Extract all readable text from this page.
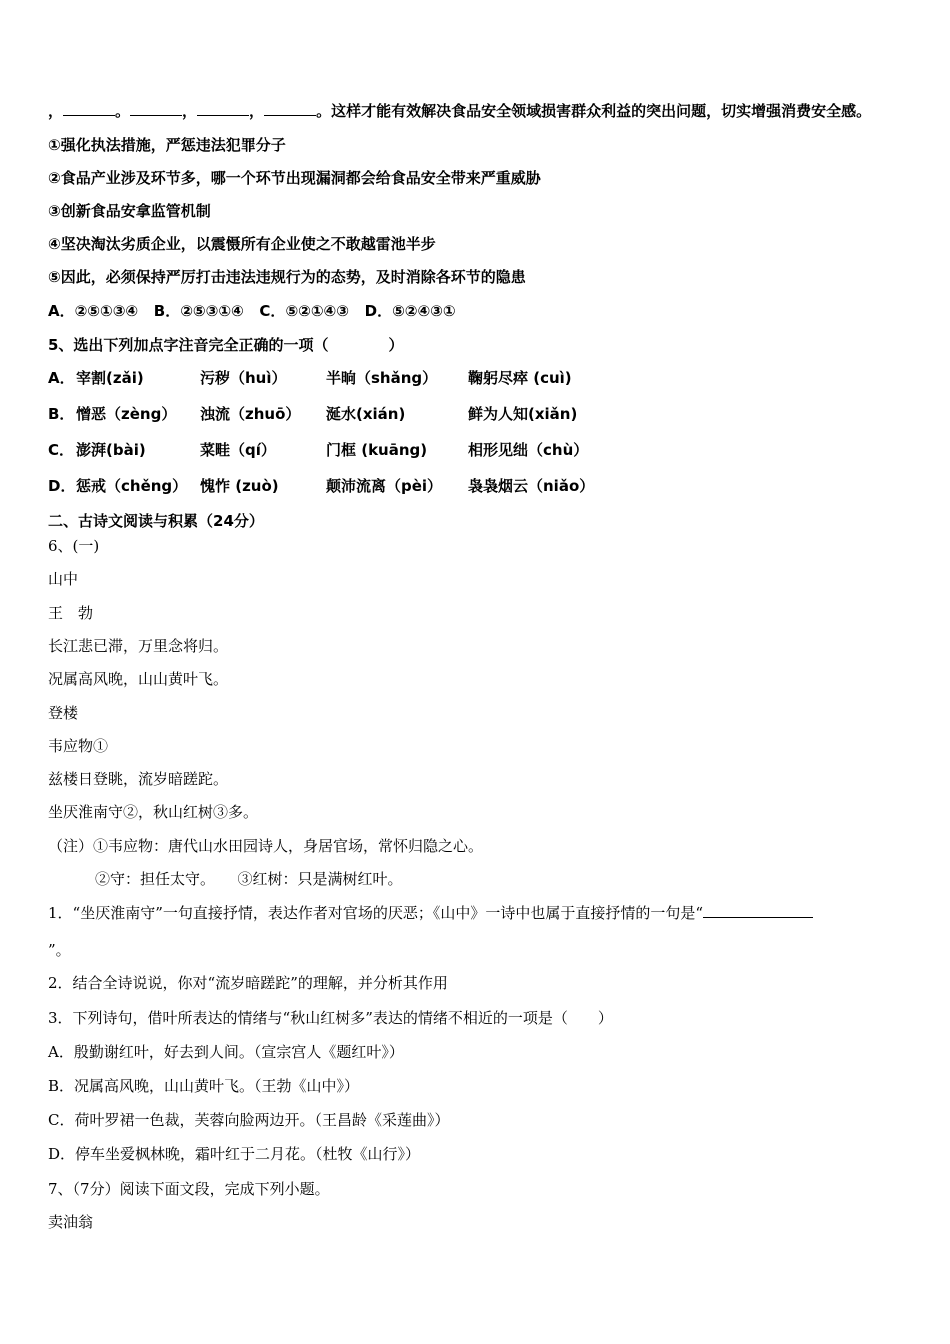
，	。	，	，	。这样才能有效解决食品安全领域损害群众利益的突出问题，切实增强消费安全感。
①强化执法措施，严惩违法犯罪分子
②食品产业涉及环节多，哪一个环节出现漏洞都会给食品安全带来严重威胁
③创新食品安拿监管机制
④坚决淘汰劣质企业，以震慑所有企业使之不敢越雷池半步
⑤因此，必须保持严厉打击违法违规行为的态势，及时消除各环节的隐患
A．②⑤①③④ B．②⑤③①④ C．⑤②①④③ D．⑤②④③①
5、选出下列加点字注音完全正确的一项（　　　　）
A． 宰割(zǎi)	污秽（huì）	半晌（shǎng） 鞠躬尽瘁 (cuì)
B． 憎恶（zèng） 浊流（zhuō） 涎水(xián)	鲜为人知(xiǎn)
C． 澎湃(bài)	菜畦（qí）	门框 (kuāng)	相形见绌（chù）
D． 惩戒（chěng） 愧怍 (zuò)	颠沛流离（pèi） 袅袅烟云（niǎo）
二、古诗文阅读与积累（24分）
6、(一)
山中
王　勃
长江悲已滞，万里念将归。
况属高风晚，山山黄叶飞。
登楼
韦应物①
兹楼日登眺，流岁暗蹉跎。
坐厌淮南守②，秋山红树③多。
（注）①韦应物：唐代山水田园诗人，身居官场，常怀归隐之心。
②守：担任太守。　　③红树：只是满树红叶。
1．“坐厌淮南守”一句直接抒情，表达作者对官场的厌恶；《山中》一诗中也属于直接抒情的一句是“
”。
2．结合全诗说说，你对“流岁暗蹉跎”的理解，并分析其作用
3．下列诗句，借叶所表达的情绪与“秋山红树多”表达的情绪不相近的一项是（　　）
A．殷勤谢红叶，好去到人间。（宣宗宫人《题红叶》）
B．况属高风晚，山山黄叶飞。（王勃《山中》）
C．荷叶罗裙一色裁，芙蓉向脸两边开。（王昌龄《采莲曲》）
D．停车坐爱枫林晚，霜叶红于二月花。（杜牧《山行》）
7、（7分）阅读下面文段，完成下列小题。
卖油翁
